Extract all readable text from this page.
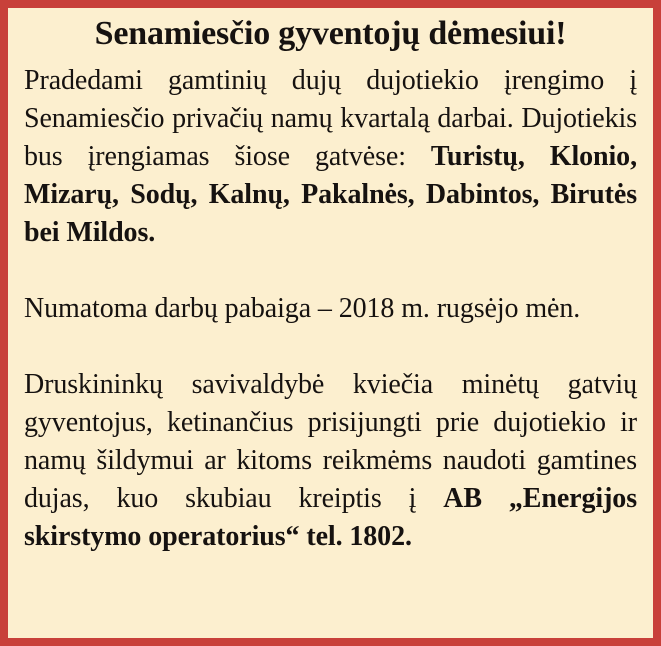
Senamiesčio gyventojų dėmesiui!

Pradedami gamtinių dujų dujotiekio įrengimo į Senamiesčio privačių namų kvartalą darbai. Dujotiekis bus įrengiamas šiose gatvėse: Turistų, Klonio, Mizarų, Sodų, Kalnų, Pakalnės, Dabintos, Birutės bei Mildos.

Numatoma darbų pabaiga – 2018 m. rugsėjo mėn.

Druskininkų savivaldybė kviečia minėtų gatvių gyventojus, ketinančius prisijungti prie dujotiekio ir namų šildymui ar kitoms reikmėms naudoti gamtines dujas, kuo skubiau kreiptis į AB „Energijos skirstymo operatorius“ tel. 1802.
